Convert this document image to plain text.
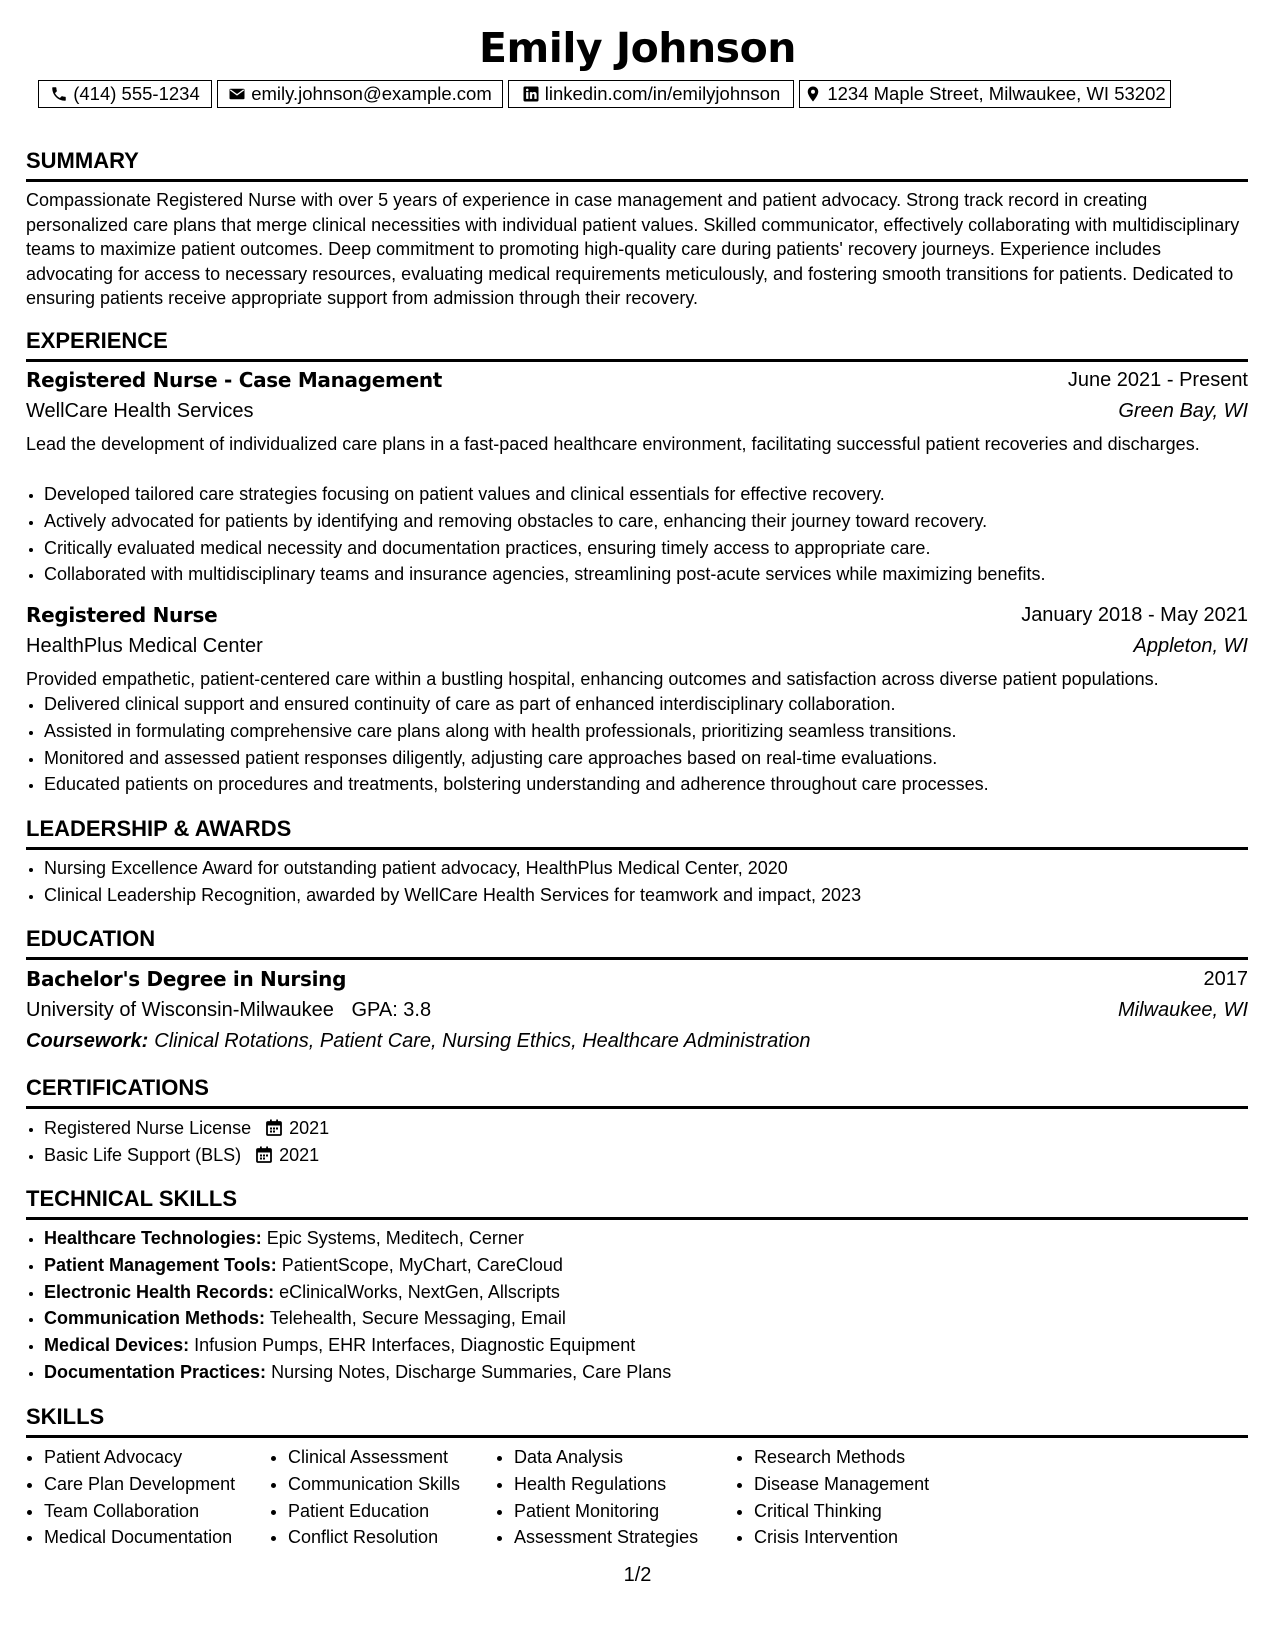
Emily Johnson
(414) 555-1234	emily.johnson@example.com	linkedin.com/in/emilyjohnson	1234 Maple Street, Milwaukee, WI 53202
SUMMARY
Compassionate Registered Nurse with over 5 years of experience in case management and patient advocacy. Strong track record in creating personalized care plans that merge clinical necessities with individual patient values. Skilled communicator, effectively collaborating with multidisciplinary teams to maximize patient outcomes. Deep commitment to promoting high-quality care during patients' recovery journeys. Experience includes advocating for access to necessary resources, evaluating medical requirements meticulously, and fostering smooth transitions for patients. Dedicated to ensuring patients receive appropriate support from admission through their recovery.
EXPERIENCE
Registered Nurse - Case Management	June 2021 - Present
WellCare Health Services	Green Bay, WI
Lead the development of individualized care plans in a fast-paced healthcare environment, facilitating successful patient recoveries and discharges.
• Developed tailored care strategies focusing on patient values and clinical essentials for effective recovery.
• Actively advocated for patients by identifying and removing obstacles to care, enhancing their journey toward recovery.
• Critically evaluated medical necessity and documentation practices, ensuring timely access to appropriate care.
• Collaborated with multidisciplinary teams and insurance agencies, streamlining post-acute services while maximizing benefits.
Registered Nurse	January 2018 - May 2021
HealthPlus Medical Center	Appleton, WI
Provided empathetic, patient-centered care within a bustling hospital, enhancing outcomes and satisfaction across diverse patient populations.
• Delivered clinical support and ensured continuity of care as part of enhanced interdisciplinary collaboration.
• Assisted in formulating comprehensive care plans along with health professionals, prioritizing seamless transitions.
• Monitored and assessed patient responses diligently, adjusting care approaches based on real-time evaluations.
• Educated patients on procedures and treatments, bolstering understanding and adherence throughout care processes.
LEADERSHIP & AWARDS
• Nursing Excellence Award for outstanding patient advocacy, HealthPlus Medical Center, 2020
• Clinical Leadership Recognition, awarded by WellCare Health Services for teamwork and impact, 2023
EDUCATION
Bachelor's Degree in Nursing	2017
University of Wisconsin-Milwaukee GPA: 3.8	Milwaukee, WI
Coursework: Clinical Rotations, Patient Care, Nursing Ethics, Healthcare Administration
CERTIFICATIONS
• Registered Nurse License 2021
• Basic Life Support (BLS) 2021
TECHNICAL SKILLS
• Healthcare Technologies: Epic Systems, Meditech, Cerner
• Patient Management Tools: PatientScope, MyChart, CareCloud
• Electronic Health Records: eClinicalWorks, NextGen, Allscripts
• Communication Methods: Telehealth, Secure Messaging, Email
• Medical Devices: Infusion Pumps, EHR Interfaces, Diagnostic Equipment
• Documentation Practices: Nursing Notes, Discharge Summaries, Care Plans
SKILLS
• Patient Advocacy
• Care Plan Development
• Team Collaboration
• Medical Documentation
• Clinical Assessment
• Communication Skills
• Patient Education
• Conflict Resolution
• Data Analysis
• Health Regulations
• Patient Monitoring
• Assessment Strategies
• Research Methods
• Disease Management
• Critical Thinking
• Crisis Intervention
1/2
